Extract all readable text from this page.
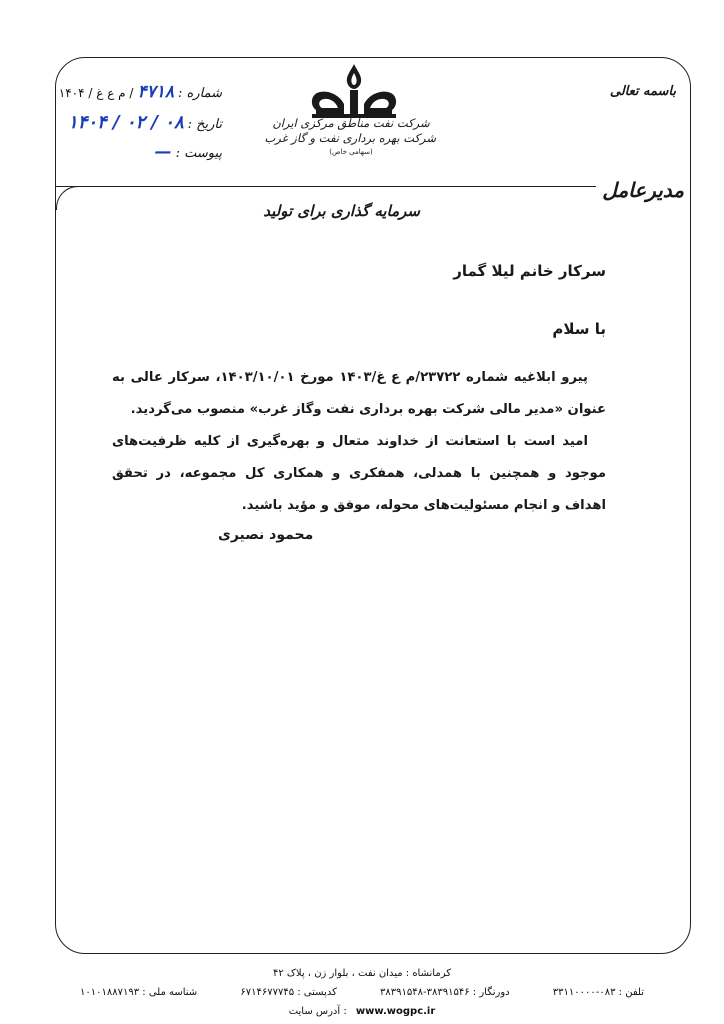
باسمه تعالی
شماره :
۴۷۱۸
/ م ع غ / ۱۴۰۴
تاریخ :
۱۴۰۴ / ۰۲ / ۰۸
پیوست :
—
شرکت نفت مناطق مرکزی ایران
شرکت بهره برداری نفت و گاز غرب
(سهامی خاص)
مدیرعامل
سرمایه گذاری برای تولید
سرکار خانم لیلا گمار
با سلام

پیرو ابلاغیه شماره ۲۳۷۲۲/م ع غ/۱۴۰۳ مورخ ۱۴۰۳/۱۰/۰۱، سرکار عالی به عنوان «مدیر مالی شرکت بهره برداری نفت وگاز غرب» منصوب می‌گردید.

امید است با استعانت از خداوند متعال و بهره‌گیری از کلیه ظرفیت‌های موجود و همچنین با همدلی، همفکری و همکاری کل مجموعه، در تحقق اهداف و انجام مسئولیت‌های محوله، موفق و مؤید باشید.

محمود نصیری
کرمانشاه : میدان نفت ، بلوار زن ، پلاک ۴۲
تلفن : ۰۸۳-۳۳۱۱۰۰۰۰
دورنگار : ۳۸۳۹۱۵۴۶-۳۸۳۹۱۵۴۸
کدپستی : ۶۷۱۴۶۷۷۷۴۵
شناسه ملی : ۱۰۱۰۱۸۸۷۱۹۳
www.wogpc.ir : آدرس سایت
